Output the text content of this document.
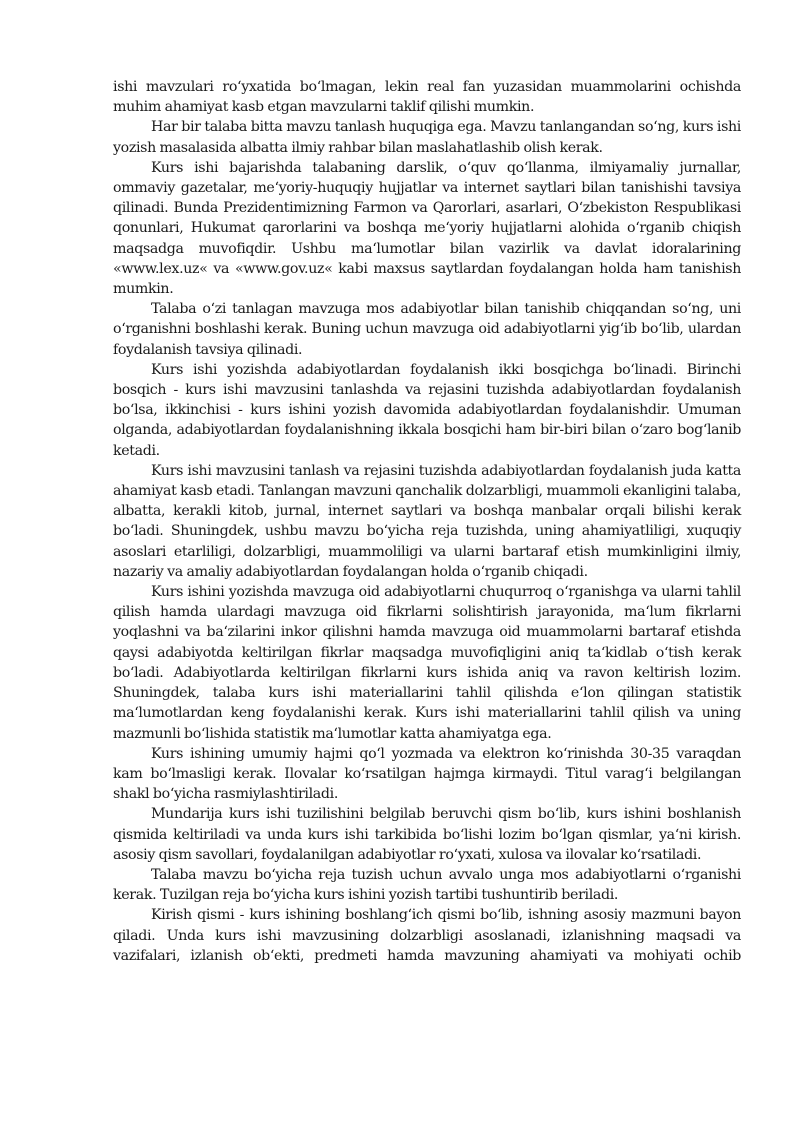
ishi mavzulari ro‘yxatida bo‘lmagan, lekin real fan yuzasidan muammolarini ochishda muhim ahamiyat kasb etgan mavzularni taklif qilishi mumkin.

Har bir talaba bitta mavzu tanlash huquqiga ega. Mavzu tanlangandan so‘ng, kurs ishi yozish masalasida albatta ilmiy rahbar bilan maslahatlashib olish kerak.

Kurs ishi bajarishda talabaning darslik, o‘quv qo‘llanma, ilmiyamaliy jurnallar, ommaviy gazetalar, me‘yoriy-huquqiy hujjatlar va internet saytlari bilan tanishishi tavsiya qilinadi. Bunda Prezidentimizning Farmon va Qarorlari, asarlari, O‘zbekiston Respublikasi qonunlari, Hukumat qarorlarini va boshqa me‘yoriy hujjatlarni alohida o‘rganib chiqish maqsadga muvofiqdir. Ushbu ma‘lumotlar bilan vazirlik va davlat idoralarining «www.lex.uz« va «www.gov.uz« kabi maxsus saytlardan foydalangan holda ham tanishish mumkin.

Talaba o‘zi tanlagan mavzuga mos adabiyotlar bilan tanishib chiqqandan so‘ng, uni o‘rganishni boshlashi kerak. Buning uchun mavzuga oid adabiyotlarni yig‘ib bo‘lib, ulardan foydalanish tavsiya qilinadi.

Kurs ishi yozishda adabiyotlardan foydalanish ikki bosqichga bo‘linadi. Birinchi bosqich - kurs ishi mavzusini tanlashda va rejasini tuzishda adabiyotlardan foydalanish bo‘lsa, ikkinchisi - kurs ishini yozish davomida adabiyotlardan foydalanishdir. Umuman olganda, adabiyotlardan foydalanishning ikkala bosqichi ham bir-biri bilan o‘zaro bog‘lanib ketadi.

Kurs ishi mavzusini tanlash va rejasini tuzishda adabiyotlardan foydalanish juda katta ahamiyat kasb etadi. Tanlangan mavzuni qanchalik dolzarbligi, muammoli ekanligini talaba, albatta, kerakli kitob, jurnal, internet saytlari va boshqa manbalar orqali bilishi kerak bo‘ladi. Shuningdek, ushbu mavzu bo‘yicha reja tuzishda, uning ahamiyatliligi, xuquqiy asoslari etarliligi, dolzarbligi, muammoliligi va ularni bartaraf etish mumkinligini ilmiy, nazariy va amaliy adabiyotlardan foydalangan holda o‘rganib chiqadi.

Kurs ishini yozishda mavzuga oid adabiyotlarni chuqurroq o‘rganishga va ularni tahlil qilish hamda ulardagi mavzuga oid fikrlarni solishtirish jarayonida, ma‘lum fikrlarni yoqlashni va ba‘zilarini inkor qilishni hamda mavzuga oid muammolarni bartaraf etishda qaysi adabiyotda keltirilgan fikrlar maqsadga muvofiqligini aniq ta‘kidlab o‘tish kerak bo‘ladi. Adabiyotlarda keltirilgan fikrlarni kurs ishida aniq va ravon keltirish lozim. Shuningdek, talaba kurs ishi materiallarini tahlil qilishda e‘lon qilingan statistik ma‘lumotlardan keng foydalanishi kerak. Kurs ishi materiallarini tahlil qilish va uning mazmunli bo‘lishida statistik ma‘lumotlar katta ahamiyatga ega.

Kurs ishining umumiy hajmi qo‘l yozmada va elektron ko‘rinishda 30-35 varaqdan kam bo‘lmasligi kerak. Ilovalar ko‘rsatilgan hajmga kirmaydi. Titul varag‘i belgilangan shakl bo‘yicha rasmiylashtiriladi.

Mundarija kurs ishi tuzilishini belgilab beruvchi qism bo‘lib, kurs ishini boshlanish qismida keltiriladi va unda kurs ishi tarkibida bo‘lishi lozim bo‘lgan qismlar, ya‘ni kirish. asosiy qism savollari, foydalanilgan adabiyotlar ro‘yxati, xulosa va ilovalar ko‘rsatiladi.

Talaba mavzu bo‘yicha reja tuzish uchun avvalo unga mos adabiyotlarni o‘rganishi kerak. Tuzilgan reja bo‘yicha kurs ishini yozish tartibi tushuntirib beriladi.

Kirish qismi - kurs ishining boshlang‘ich qismi bo‘lib, ishning asosiy mazmuni bayon qiladi. Unda kurs ishi mavzusining dolzarbligi asoslanadi, izlanishning maqsadi va vazifalari, izlanish ob‘ekti, predmeti hamda mavzuning ahamiyati va mohiyati ochib
